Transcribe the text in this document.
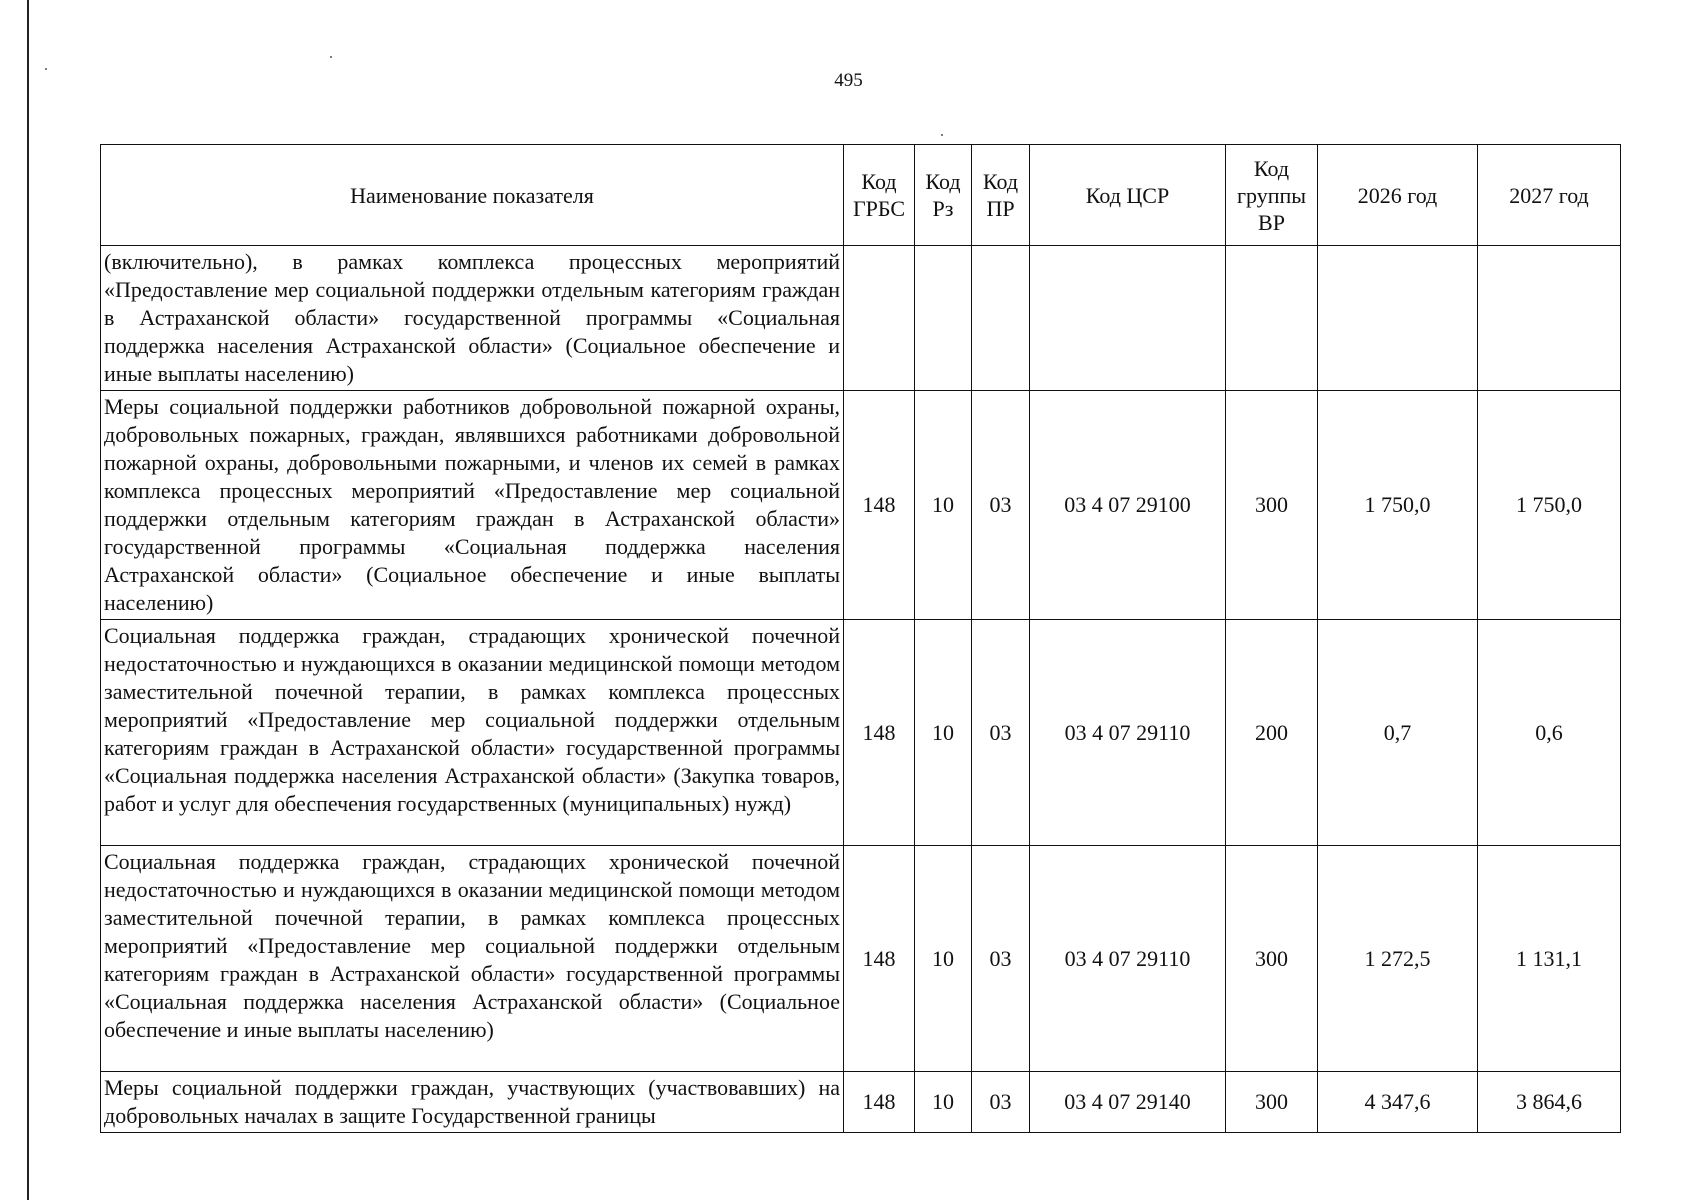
495
Наименование показателя	Код ГРБС	Код Рз	Код ПР	Код ЦСР	Код группы ВР	2026 год	2027 год

(включительно), в рамках комплекса процессных мероприятий «Предоставление мер социальной поддержки отдельным категориям граждан в Астраханской области» государственной программы «Социальная поддержка населения Астраханской области» (Социальное обеспечение и иные выплаты населению)							

Меры социальной поддержки работников добровольной пожарной охраны, добровольных пожарных, граждан, являвшихся работниками добровольной пожарной охраны, добровольными пожарными, и членов их семей в рамках комплекса процессных мероприятий «Предоставление мер социальной поддержки отдельным категориям граждан в Астраханской области» государственной программы «Социальная поддержка населения Астраханской области» (Социальное обеспечение и иные выплаты населению)	148	10	03	03 4 07 29100	300	1 750,0	1 750,0

Социальная поддержка граждан, страдающих хронической почечной недостаточностью и нуждающихся в оказании медицинской помощи методом заместительной почечной терапии, в рамках комплекса процессных мероприятий «Предоставление мер социальной поддержки отдельным категориям граждан в Астраханской области» государственной программы «Социальная поддержка населения Астраханской области» (Закупка товаров, работ и услуг для обеспечения государственных (муниципальных) нужд)	148	10	03	03 4 07 29110	200	0,7	0,6

Социальная поддержка граждан, страдающих хронической почечной недостаточностью и нуждающихся в оказании медицинской помощи методом заместительной почечной терапии, в рамках комплекса процессных мероприятий «Предоставление мер социальной поддержки отдельным категориям граждан в Астраханской области» государственной программы «Социальная поддержка населения Астраханской области» (Социальное обеспечение и иные выплаты населению)	148	10	03	03 4 07 29110	300	1 272,5	1 131,1

Меры социальной поддержки граждан, участвующих (участвовавших) на добровольных началах в защите Государственной границы	148	10	03	03 4 07 29140	300	4 347,6	3 864,6
